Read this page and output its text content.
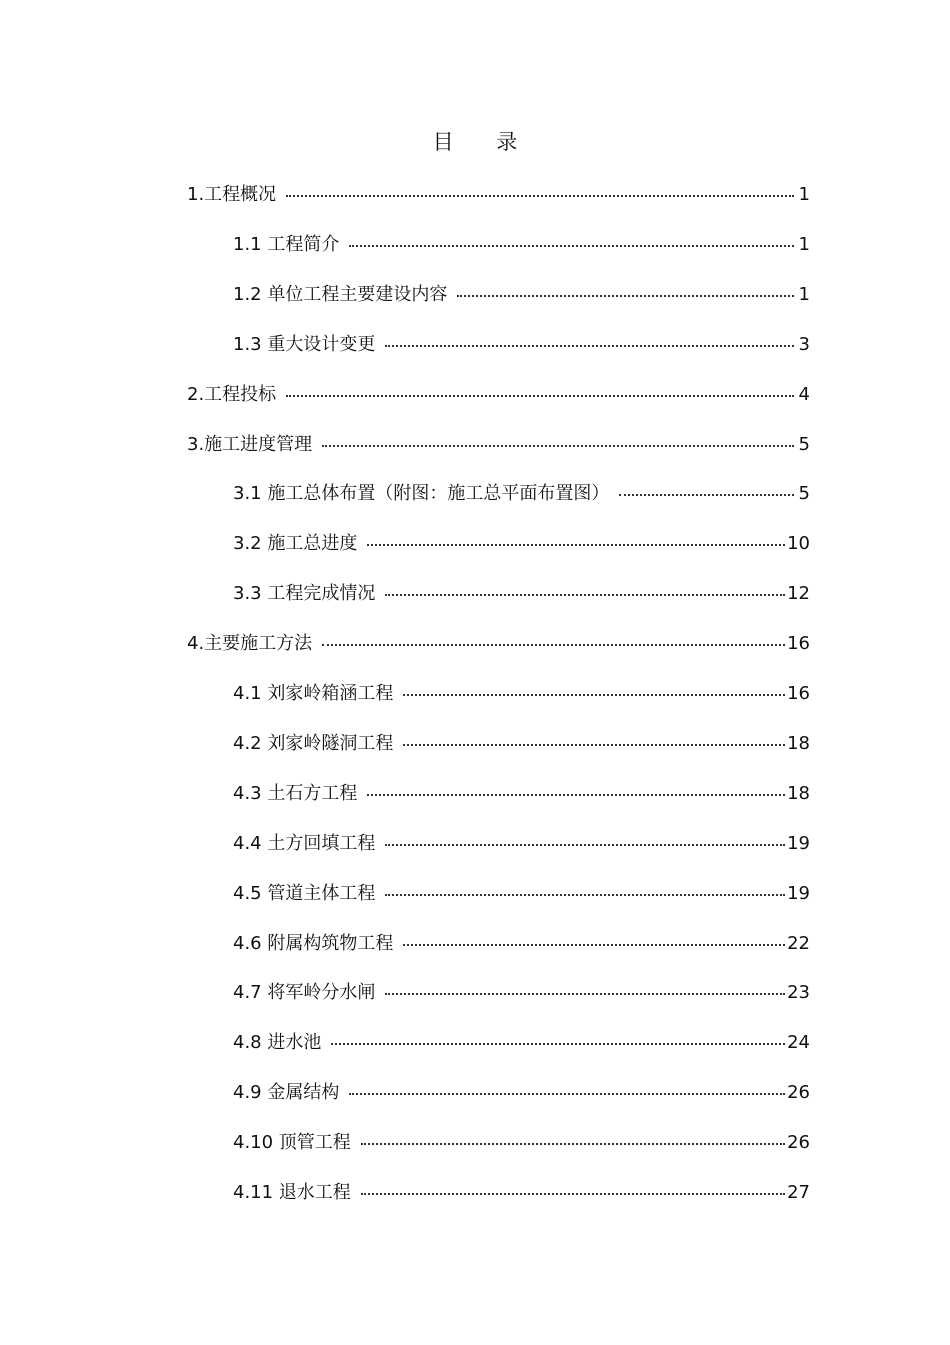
目 录
1.工程概况	1
1.1 工程简介	1
1.2 单位工程主要建设内容	1
1.3 重大设计变更	3
2.工程投标	4
3.施工进度管理	5
3.1 施工总体布置（附图：施工总平面布置图）	5
3.2 施工总进度	10
3.3 工程完成情况	12
4.主要施工方法	16
4.1 刘家岭箱涵工程	16
4.2 刘家岭隧洞工程	18
4.3 土石方工程	18
4.4 土方回填工程	19
4.5 管道主体工程	19
4.6 附属构筑物工程	22
4.7 将军岭分水闸	23
4.8 进水池	24
4.9 金属结构	26
4.10 顶管工程	26
4.11 退水工程	27
